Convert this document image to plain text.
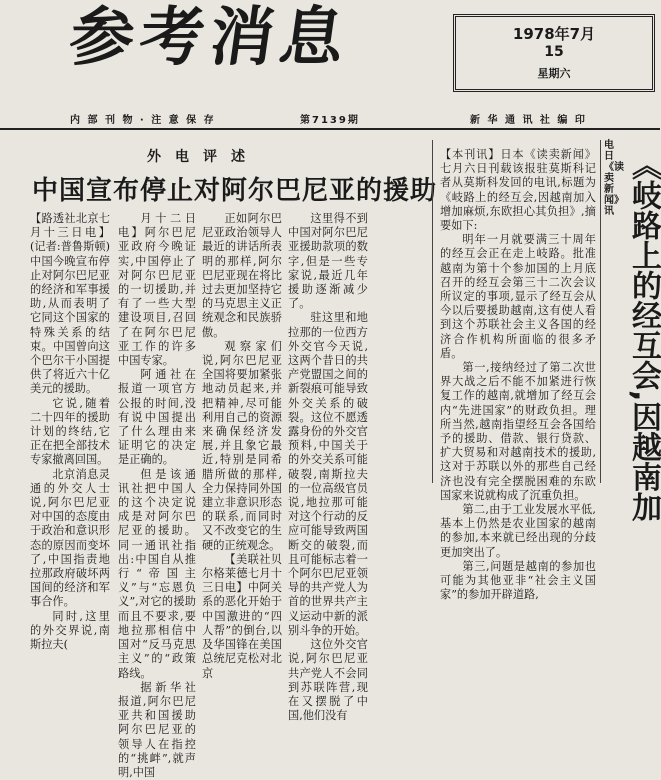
参考消息	1978年7月
15
星期六
内 部 刊 物 · 注 意 保 存	第7139期	新 华 通 讯 社 编 印
外电评述
中国宣布停止对阿尔巴尼亚的援助

【路透社北京七月十三日电】(记者:普鲁斯顿)中国今晚宣布停止对阿尔巴尼亚的经济和军事援助,从而表明了它同这个国家的特殊关系的结束。中国曾向这个巴尔干小国提供了将近六十亿美元的援助。

它说,随着二十四年的援助计划的终结,它正在把全部技术专家撤离回国。

北京消息灵通的外交人士说,阿尔巴尼亚对中国的态度由于政治和意识形态的原因而变坏了,中国指责地拉那政府破坏两国间的经济和军事合作。

同时,这里的外交界说,南斯拉夫(

月十二日电】阿尔巴尼亚政府今晚证实,中国停止了对阿尔巴尼亚的一切援助,并有了一些大型建设项目,召回了在阿尔巴尼亚工作的许多中国专家。

阿通社在报道一项官方公报的时间,没有说中国提出了什么理由来证明它的决定是正确的。

但是该通讯社把中国人的这个决定说成是对阿尔巴尼亚的援助。同一通讯社指出:中国自从推行“帝国主义”与“忘恩负义”,对它的援助而且不要求,要地拉那相信中国对“反马克思主义”的“政策路线。

据新华社报道,阿尔巴尼亚共和国援助阿尔巴尼亚的领导人在指控的“挑衅”,就声明,中国

正如阿尔巴尼亚政治领导人最近的讲话所表明的那样,阿尔巴尼亚现在将比过去更加坚持它的马克思主义正统观念和民族骄傲。

观察家们说,阿尔巴尼亚全国将要加紧张地动员起来,并把精神,尽可能利用自己的资源来确保经济发展,并且象它最近,特别是同希腊所做的那样,全力保持同外国建立非意识形态的联系,而同时又不改变它的生硬的正统观念。

【美联社贝尔格莱德七月十三日电】中阿关系的恶化开始于中国激进的“四人帮”的倒台,以及华国锋在美国总统尼克松对北京

这里得不到中国对阿尔巴尼亚援助款项的数字,但是一些专家说,最近几年援助逐渐减少了。

驻这里和地拉那的一位西方外交官今天说,这两个昔日的共产党盟国之间的新裂痕可能导致外交关系的破裂。这位不愿透露身份的外交官预料,中国关于的外交关系可能破裂,南斯拉夫的一位高级官员说,地拉那可能对这个行动的反应可能导致两国断交的破裂,而且可能标志着一个阿尔巴尼亚领导的共产党人为首的世界共产主义运动中新的派别斗争的开始。

这位外交官说,阿尔巴尼亚共产党人不会同到苏联阵营,现在又摆脱了中国,他们没有

【本刊讯】日本《读卖新闻》七月六日刊载该报驻莫斯科记者从莫斯科发回的电讯,标题为《岐路上的经互会,因越南加入增加麻烦,东欧担心其负担》,摘要如下:

明年一月就要满三十周年的经互会正在走上岐路。批准越南为第十个参加国的上月底召开的经互会第三十二次会议所议定的事项,显示了经互会从今以后要援助越南,这有使人看到这个苏联社会主义各国的经济合作机构所面临的很多矛盾。

第一,接纳经过了第二次世界大战之后不能不加紧进行恢复工作的越南,就增加了经互会内“先进国家”的财政负担。理所当然,越南指望经互会各国给予的援助、借款、银行贷款、扩大贸易和对越南技术的援助,这对于苏联以外的那些自己经济也没有完全摆脱困难的东欧国家来说就构成了沉重负担。

第二,由于工业发展水平低,基本上仍然是农业国家的越南的参加,本来就已经出现的分歧更加突出了。

第三,问题是越南的参加也可能为其他亚非“社会主义国家”的参加开辟道路,

电日《读卖新闻》讯 《岐路上的经互会,因越南加
